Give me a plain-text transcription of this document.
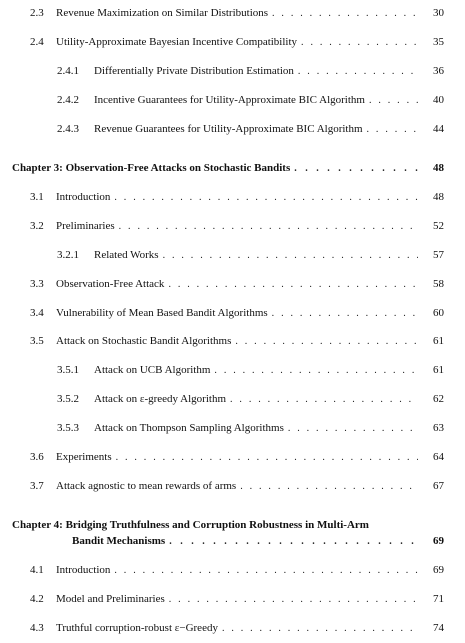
2.3	Revenue Maximization on Similar Distributions . . .	30
2.4	Utility-Approximate Bayesian Incentive Compatibility . . .	35
2.4.1	Differentially Private Distribution Estimation . . .	36
2.4.2	Incentive Guarantees for Utility-Approximate BIC Algorithm . . .	40
2.4.3	Revenue Guarantees for Utility-Approximate BIC Algorithm . . .	44
Chapter 3: Observation-Free Attacks on Stochastic Bandits . . .	48
3.1	Introduction . . .	48
3.2	Preliminaries . . .	52
3.2.1	Related Works . . .	57
3.3	Observation-Free Attack . . .	58
3.4	Vulnerability of Mean Based Bandit Algorithms . . .	60
3.5	Attack on Stochastic Bandit Algorithms . . .	61
3.5.1	Attack on UCB Algorithm . . .	61
3.5.2	Attack on ε-greedy Algorithm . . .	62
3.5.3	Attack on Thompson Sampling Algorithms . . .	63
3.6	Experiments . . .	64
3.7	Attack agnostic to mean rewards of arms . . .	67
Chapter 4: Bridging Truthfulness and Corruption Robustness in Multi-Arm
Bandit Mechanisms . . .	69
4.1	Introduction . . .	69
4.2	Model and Preliminaries . . .	71
4.3	Truthful corruption-robust ε−Greedy . . .	74
